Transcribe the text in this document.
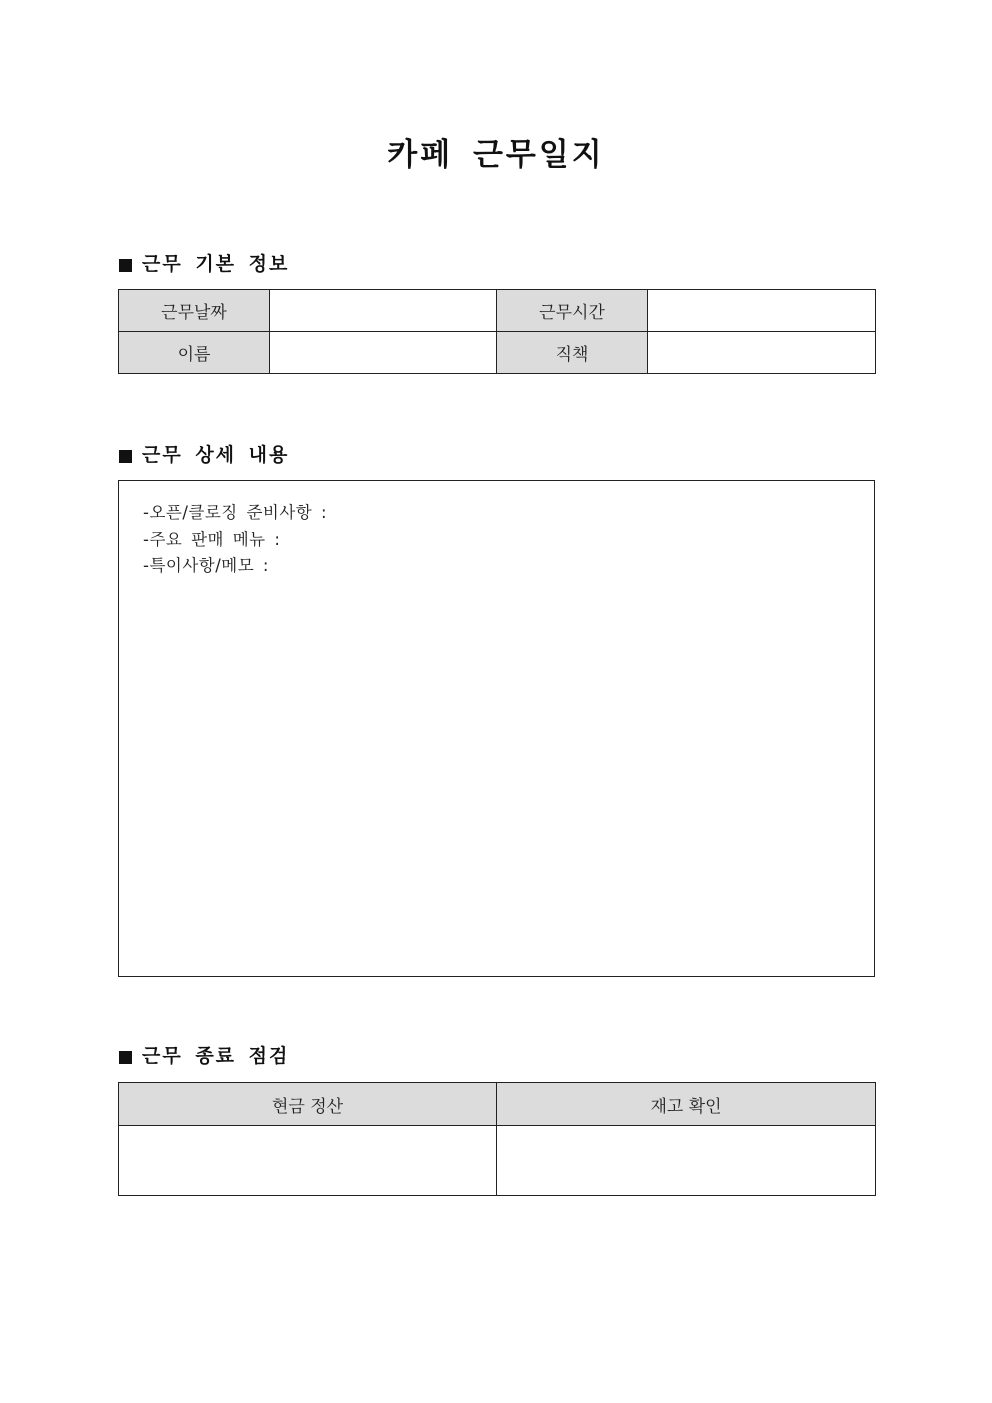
카페 근무일지
근무 기본 정보
근무날짜		근무시간	
이름		직책	
근무 상세 내용
-오픈/클로징 준비사항 :
-주요 판매 메뉴 :
-특이사항/메모 :
근무 종료 점검
현금 정산	재고 확인
